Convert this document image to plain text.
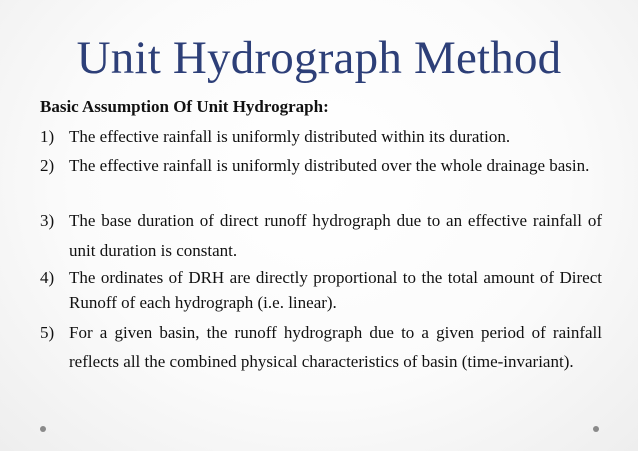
Unit Hydrograph Method
Basic Assumption Of Unit Hydrograph:
1) The effective rainfall is uniformly distributed within its duration.
2) The effective rainfall is uniformly distributed over the whole drainage basin.
3) The base duration of direct runoff hydrograph due to an effective rainfall of unit duration is constant.
4) The ordinates of DRH are directly proportional to the total amount of Direct Runoff of each hydrograph (i.e. linear).
5) For a given basin, the runoff hydrograph due to a given period of rainfall reflects all the combined physical characteristics of basin (time-invariant).
